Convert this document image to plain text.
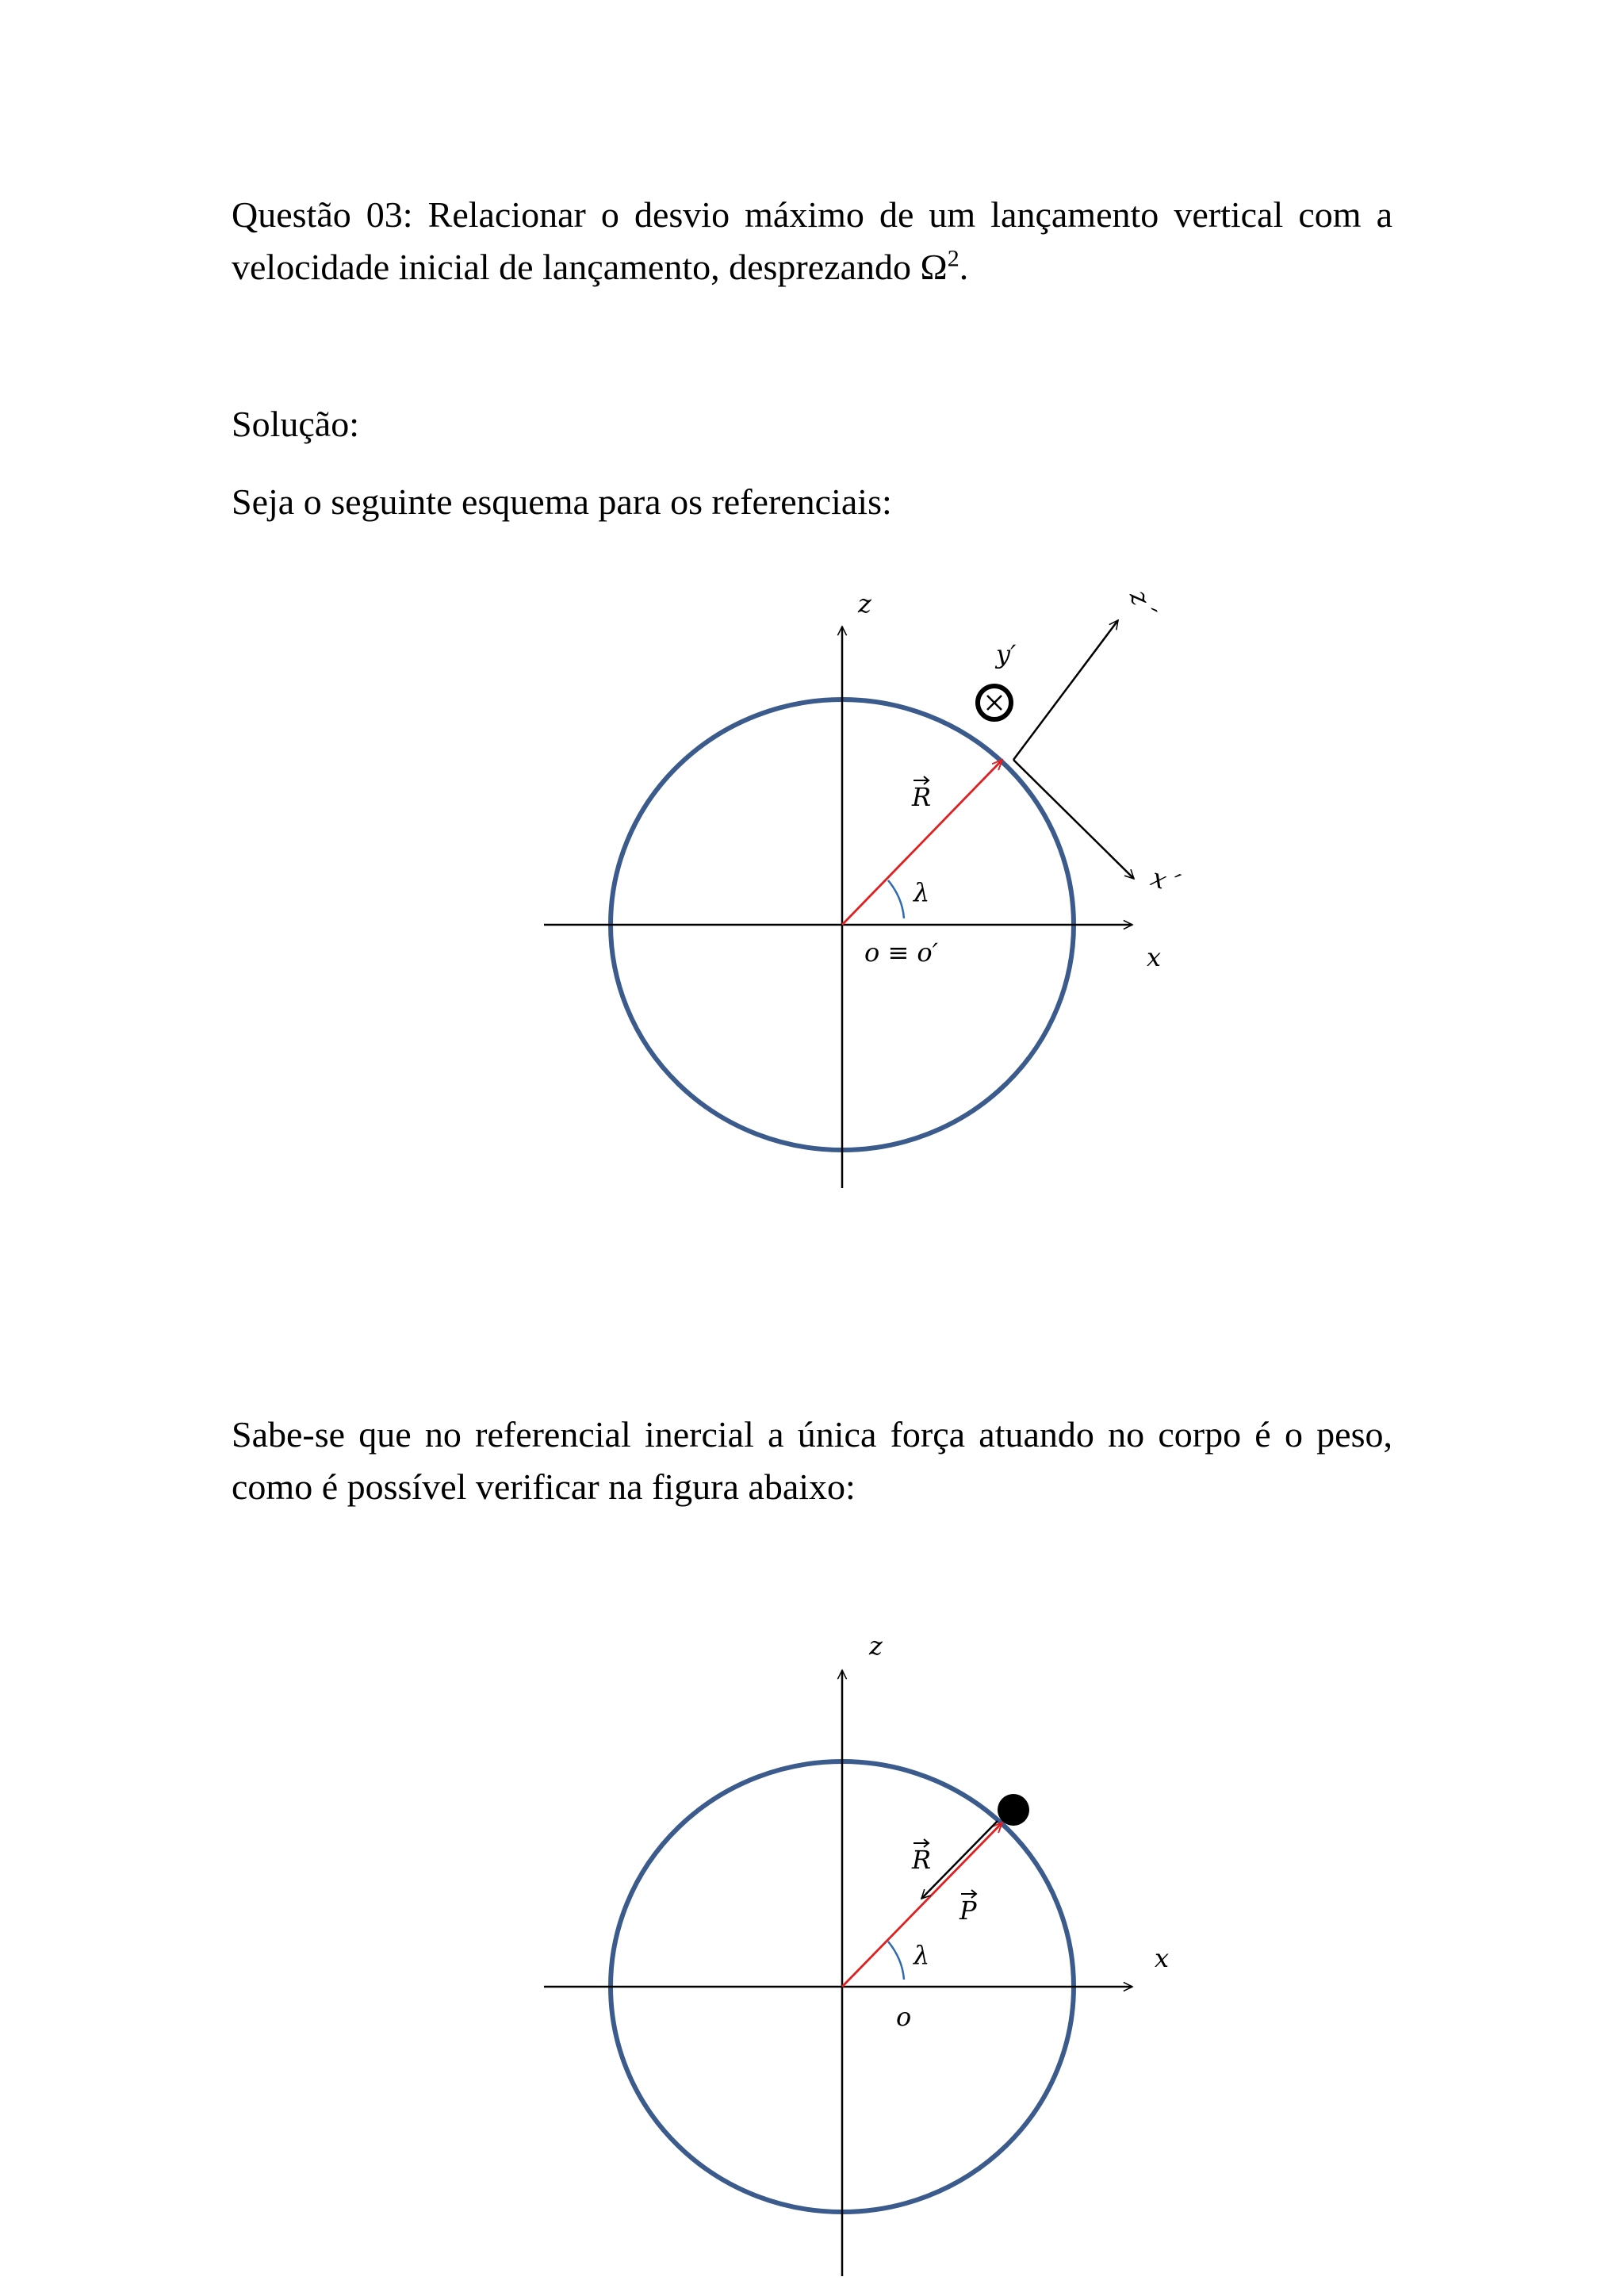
Questão 03: Relacionar o desvio máximo de um lançamento vertical com a velocidade inicial de lançamento, desprezando $\Omega^2$.

Solução:

Seja o seguinte esquema para os referenciais:

z
x
y′
z´
x´
R
λ
o ≡ o′

Sabe-se que no referencial inercial a única força atuando no corpo é o peso, como é possível verificar na figura abaixo:

z
x
R
P
λ
o
